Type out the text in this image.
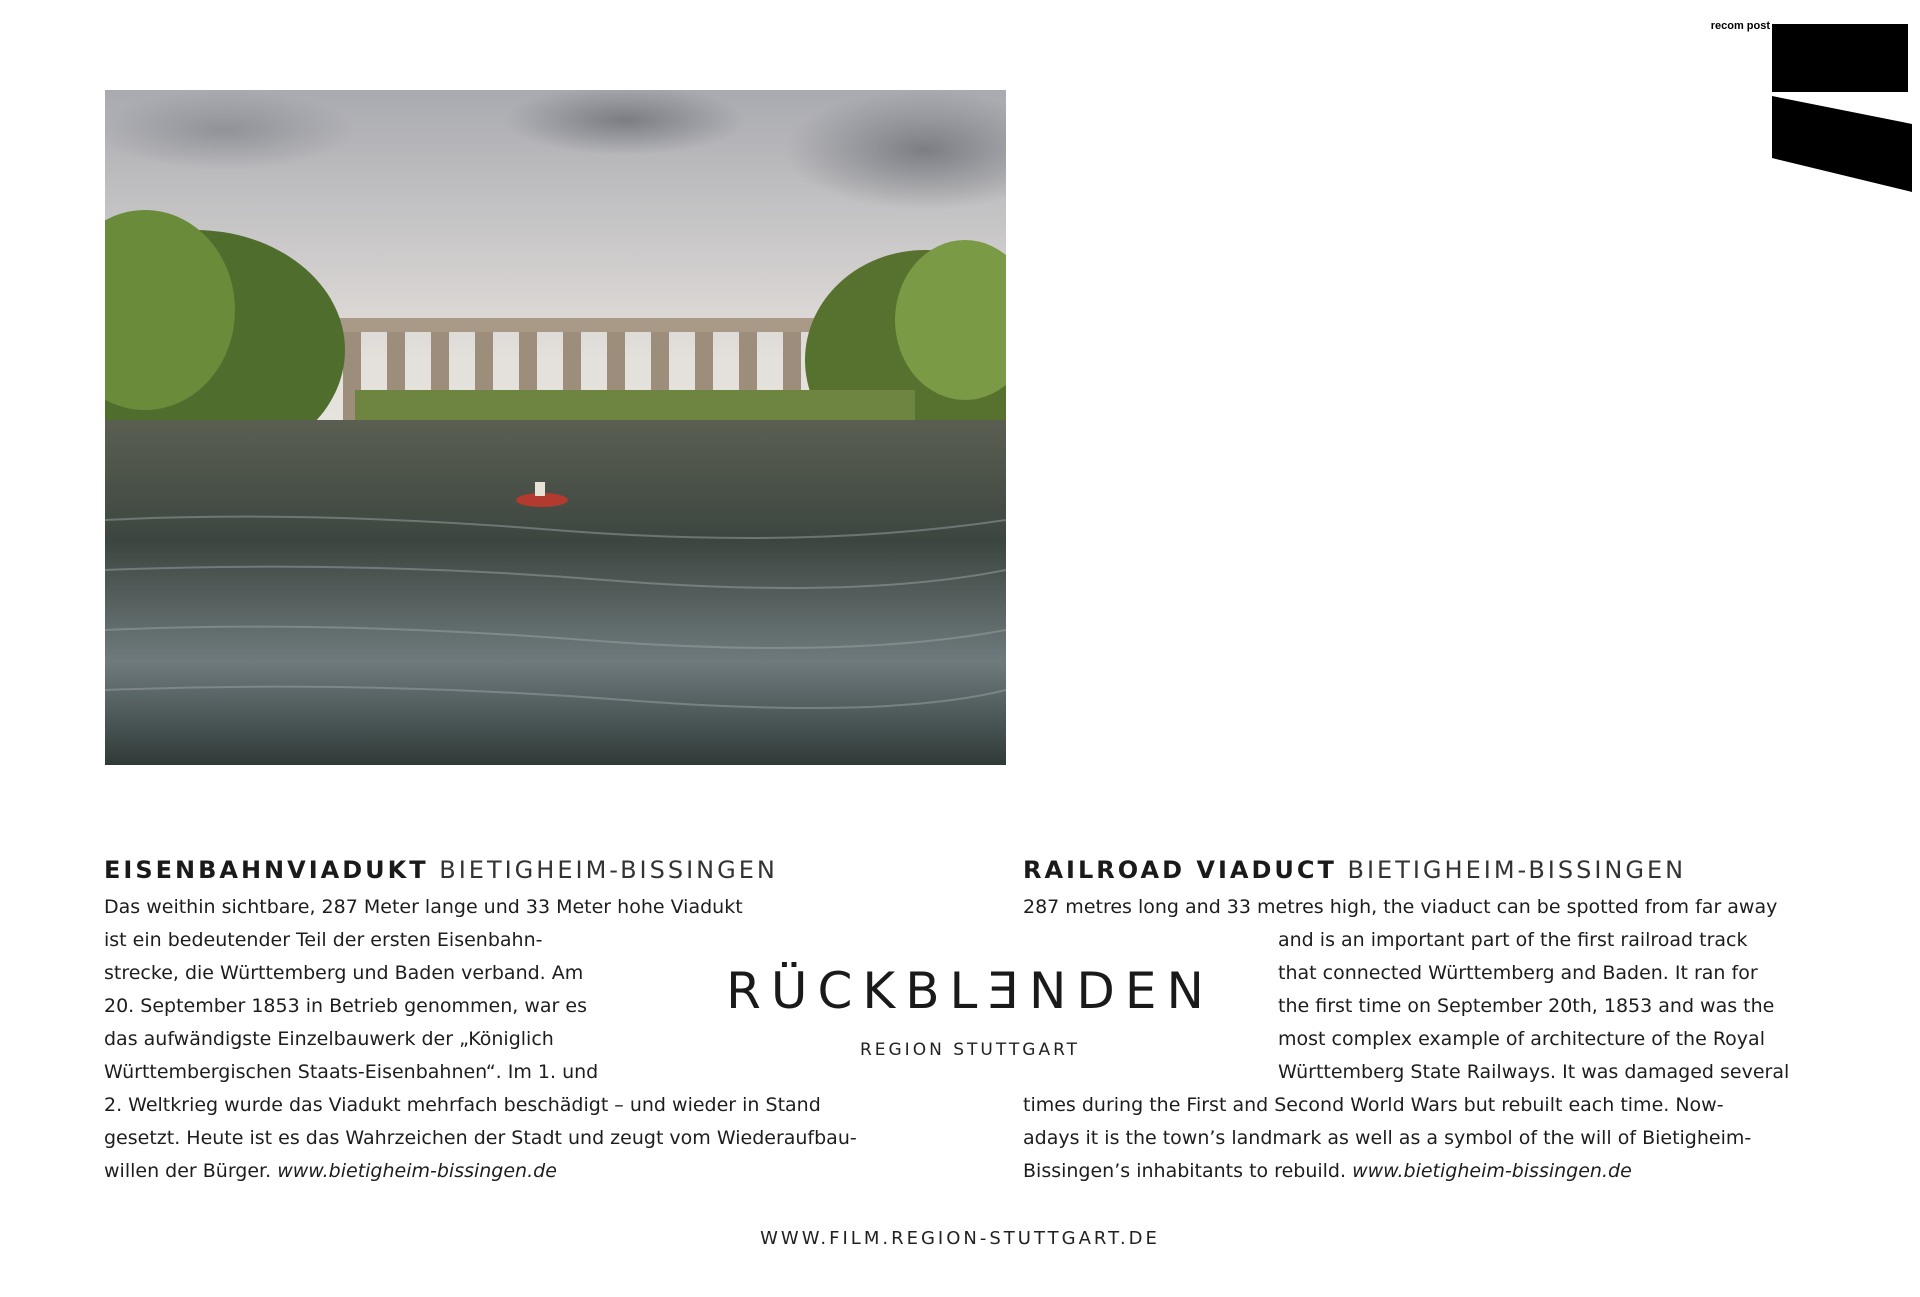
recom post
EISENBAHNVIADUKT BIETIGHEIM-BISSINGEN
Das weithin sichtbare, 287 Meter lange und 33 Meter hohe Viadukt
ist ein bedeutender Teil der ersten Eisenbahn-
strecke, die Württemberg und Baden verband. Am
20. September 1853 in Betrieb genommen, war es
das aufwändigste Einzelbauwerk der „Königlich
Württembergischen Staats-Eisenbahnen“. Im 1. und
2. Weltkrieg wurde das Viadukt mehrfach beschädigt – und wieder in Stand
gesetzt. Heute ist es das Wahrzeichen der Stadt und zeugt vom Wiederaufbau-
willen der Bürger. www.bietigheim-bissingen.de
RAILROAD VIADUCT BIETIGHEIM-BISSINGEN
287 metres long and 33 metres high, the viaduct can be spotted from far away
and is an important part of the first railroad track
that connected Württemberg and Baden. It ran for
the first time on September 20th, 1853 and was the
most complex example of architecture of the Royal
Württemberg State Railways. It was damaged several
times during the First and Second World Wars but rebuilt each time. Now-
adays it is the town’s landmark as well as a symbol of the will of Bietigheim-
Bissingen’s inhabitants to rebuild. www.bietigheim-bissingen.de
RÜCKBLƎNDEN
REGION STUTTGART
WWW.FILM.REGION-STUTTGART.DE
